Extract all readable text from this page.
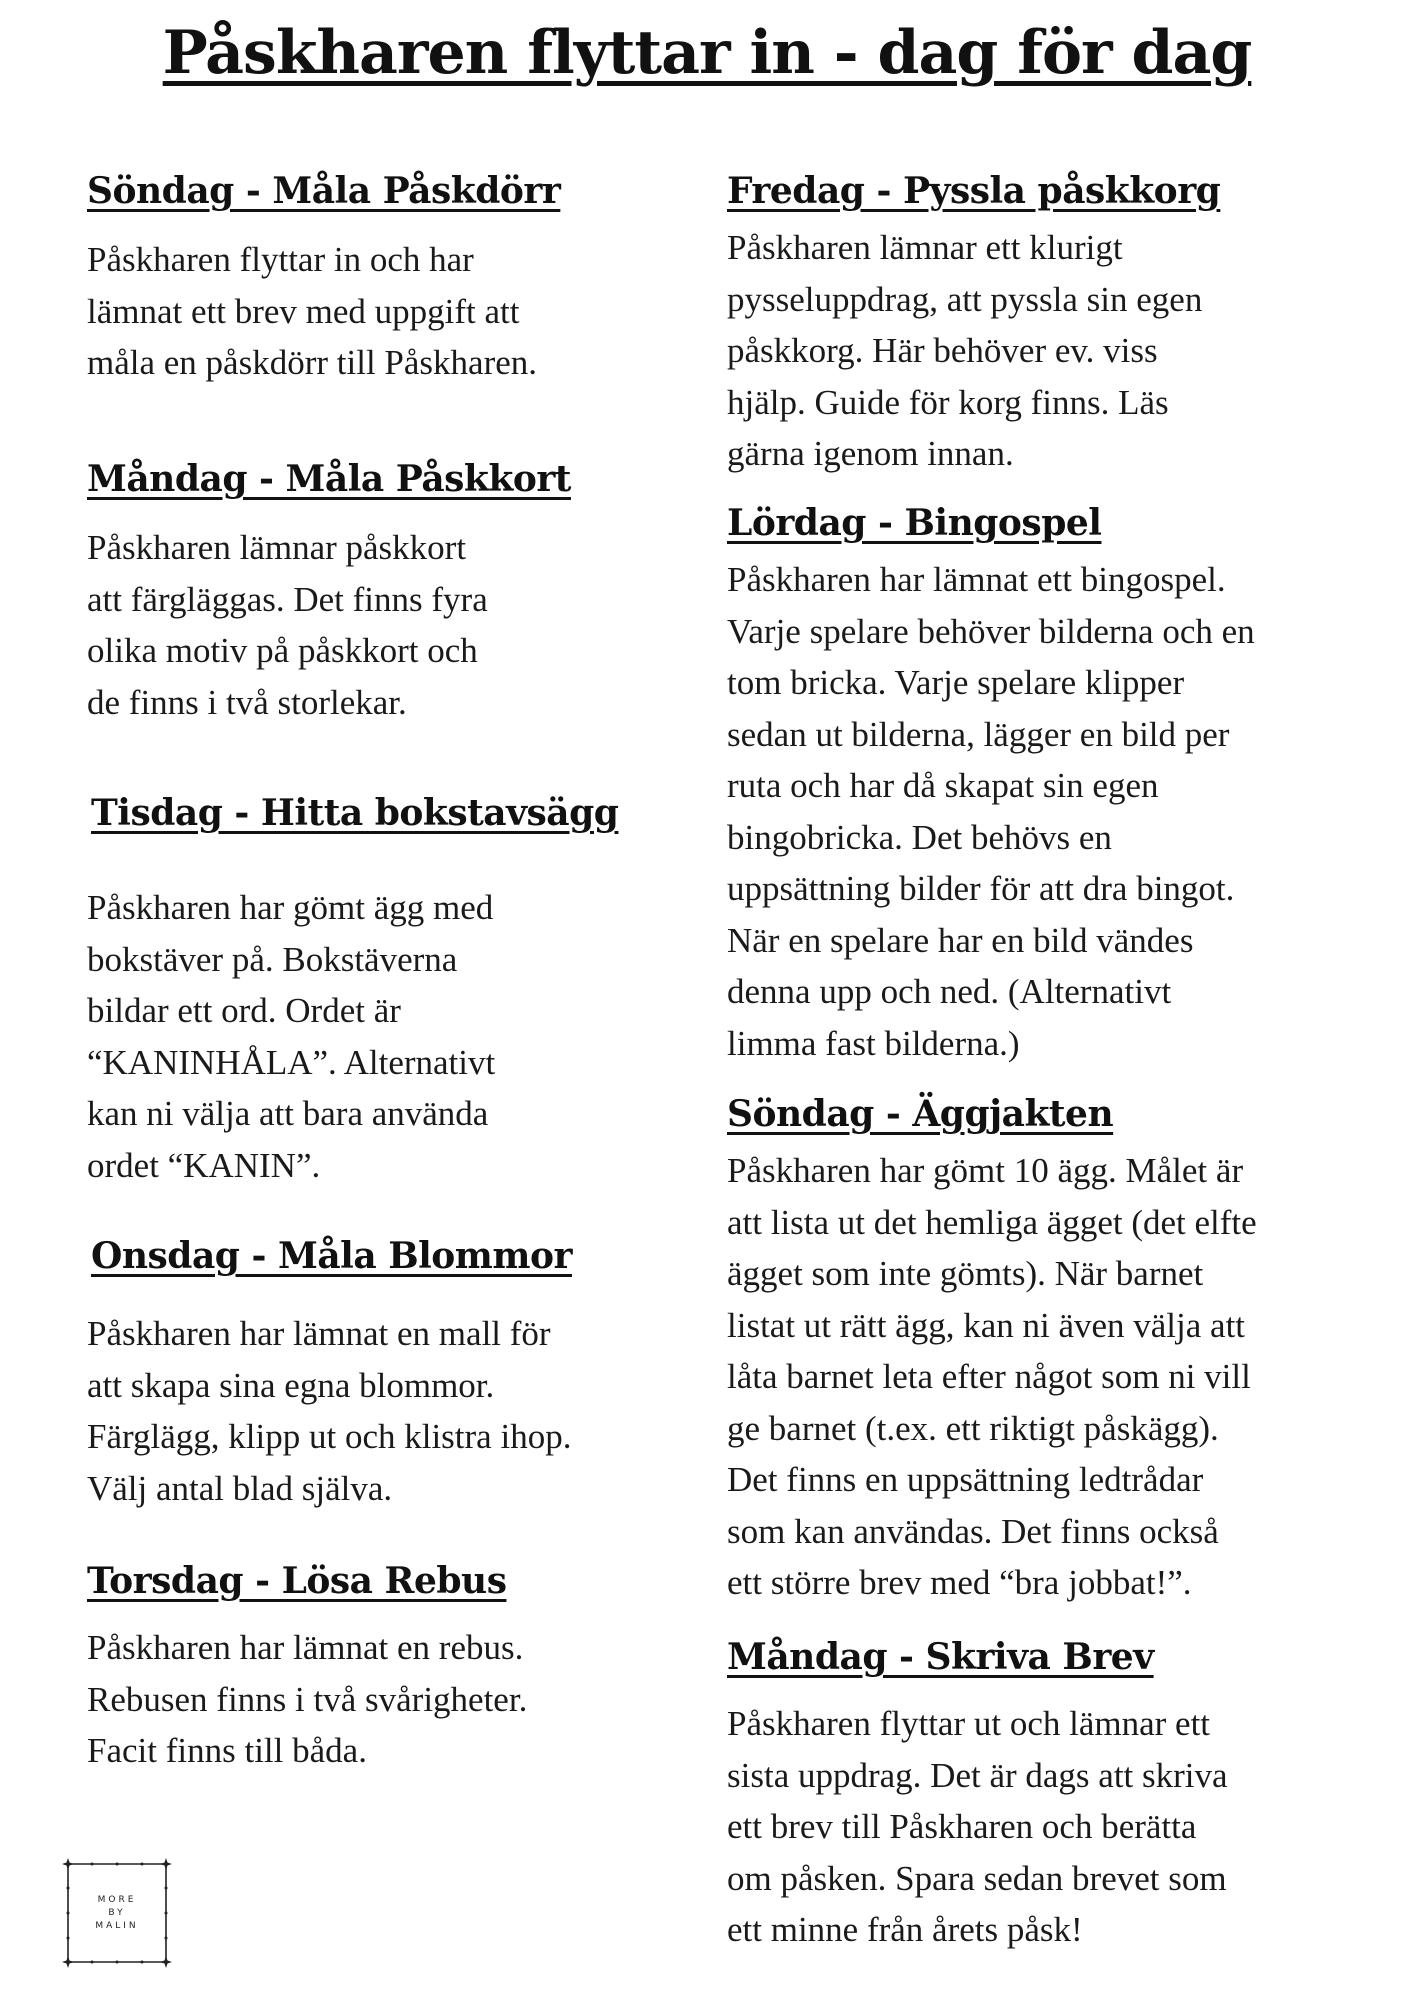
Påskharen flyttar in - dag för dag
Söndag - Måla Påskdörr
Påskharen flyttar in och har
lämnat ett brev med uppgift att
måla en påskdörr till Påskharen.
Måndag - Måla Påskkort
Påskharen lämnar påskkort
att färgläggas. Det finns fyra
olika motiv på påskkort och
de finns i två storlekar.
Tisdag - Hitta bokstavsägg
Påskharen har gömt ägg med
bokstäver på. Bokstäverna
bildar ett ord. Ordet är
“KANINHÅLA”. Alternativt
kan ni välja att bara använda
ordet “KANIN”.
Onsdag - Måla Blommor
Påskharen har lämnat en mall för
att skapa sina egna blommor.
Färglägg, klipp ut och klistra ihop.
Välj antal blad själva.
Torsdag - Lösa Rebus
Påskharen har lämnat en rebus.
Rebusen finns i två svårigheter.
Facit finns till båda.
Fredag - Pyssla påskkorg
Påskharen lämnar ett klurigt
pysseluppdrag, att pyssla sin egen
påskkorg. Här behöver ev. viss
hjälp. Guide för korg finns. Läs
gärna igenom innan.
Lördag - Bingospel
Påskharen har lämnat ett bingospel.
Varje spelare behöver bilderna och en
tom bricka. Varje spelare klipper
sedan ut bilderna, lägger en bild per
ruta och har då skapat sin egen
bingobricka. Det behövs en
uppsättning bilder för att dra bingot.
När en spelare har en bild vändes
denna upp och ned. (Alternativt
limma fast bilderna.)
Söndag - Äggjakten
Påskharen har gömt 10 ägg. Målet är
att lista ut det hemliga ägget (det elfte
ägget som inte gömts). När barnet
listat ut rätt ägg, kan ni även välja att
låta barnet leta efter något som ni vill
ge barnet (t.ex. ett riktigt påskägg).
Det finns en uppsättning ledtrådar
som kan användas. Det finns också
ett större brev med “bra jobbat!”.
Måndag - Skriva Brev
Påskharen flyttar ut och lämnar ett
sista uppdrag. Det är dags att skriva
ett brev till Påskharen och berätta
om påsken. Spara sedan brevet som
ett minne från årets påsk!
MORE
BY
MALIN
